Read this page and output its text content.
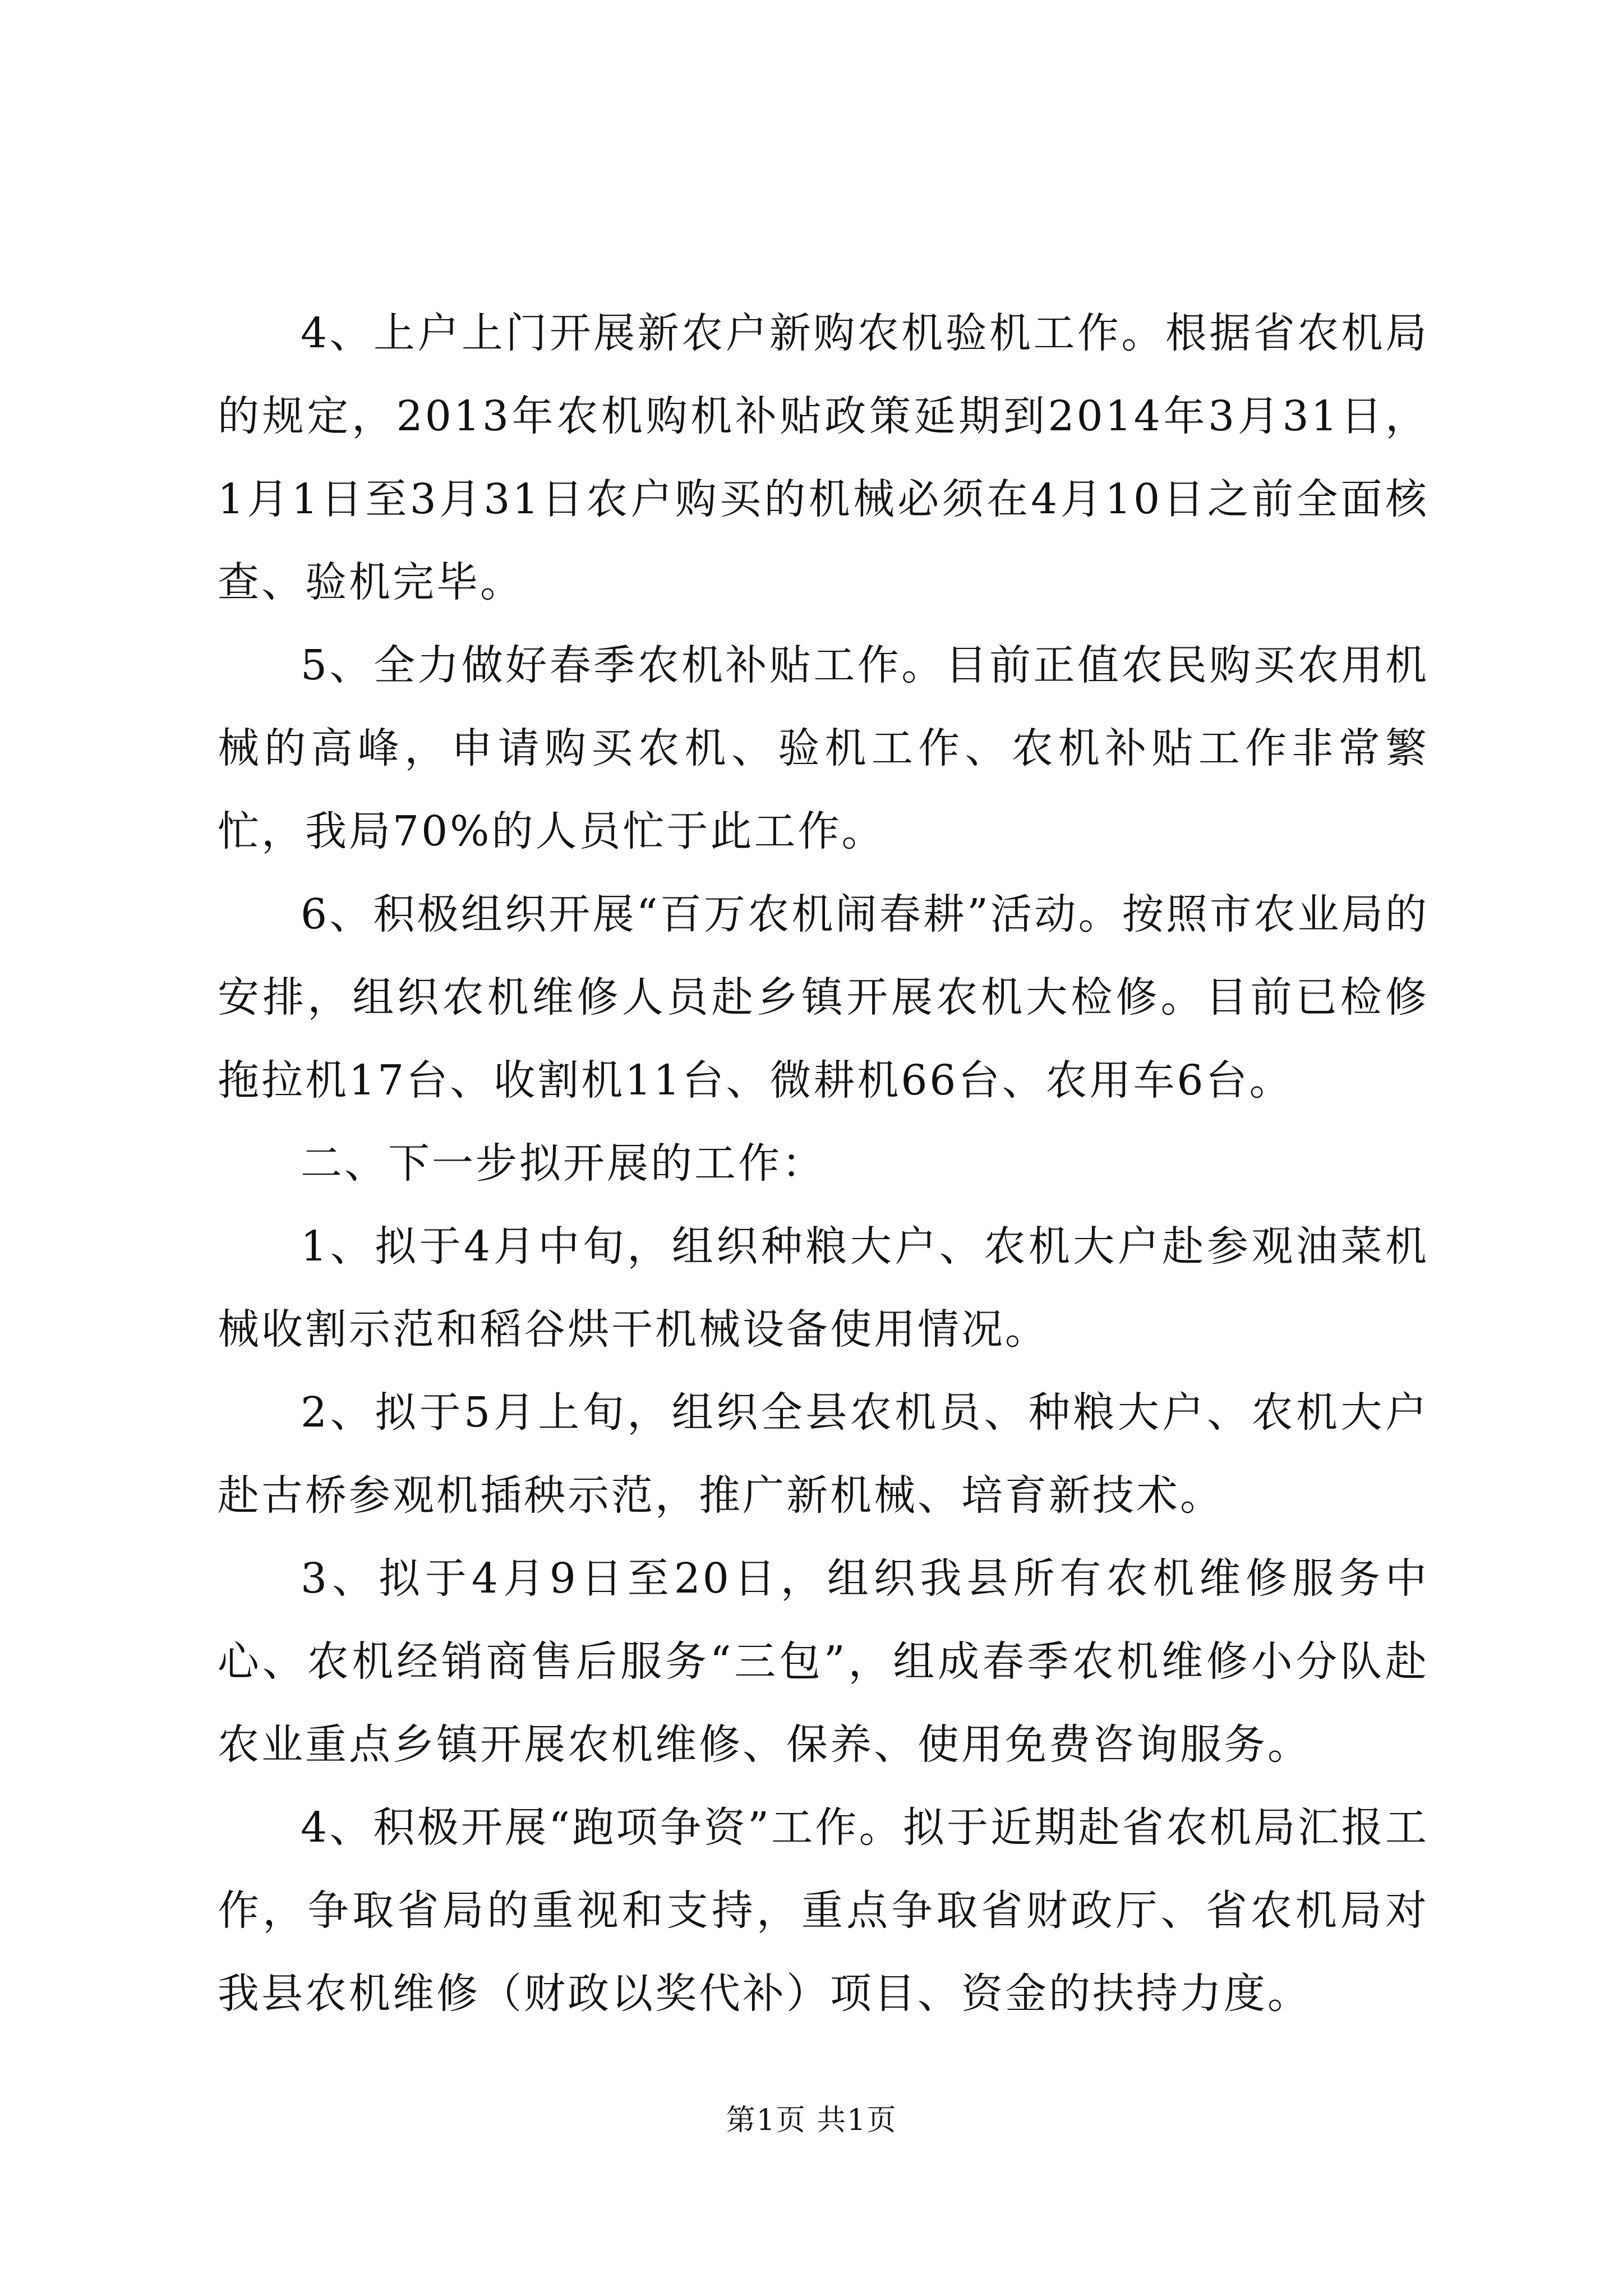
4、上户上门开展新农户新购农机验机工作。根据省农机局的规定，2013年农机购机补贴政策延期到2014年3月31日，1月1日至3月31日农户购买的机械必须在4月10日之前全面核查、验机完毕。

5、全力做好春季农机补贴工作。目前正值农民购买农用机械的高峰，申请购买农机、验机工作、农机补贴工作非常繁忙，我局70%的人员忙于此工作。

6、积极组织开展“百万农机闹春耕”活动。按照市农业局的安排，组织农机维修人员赴乡镇开展农机大检修。目前已检修拖拉机17台、收割机11台、微耕机66台、农用车6台。

二、下一步拟开展的工作：

1、拟于4月中旬，组织种粮大户、农机大户赴参观油菜机械收割示范和稻谷烘干机械设备使用情况。

2、拟于5月上旬，组织全县农机员、种粮大户、农机大户赴古桥参观机插秧示范，推广新机械、培育新技术。

3、拟于4月9日至20日，组织我县所有农机维修服务中心、农机经销商售后服务“三包”，组成春季农机维修小分队赴农业重点乡镇开展农机维修、保养、使用免费咨询服务。

4、积极开展“跑项争资”工作。拟于近期赴省农机局汇报工作，争取省局的重视和支持，重点争取省财政厅、省农机局对我县农机维修（财政以奖代补）项目、资金的扶持力度。

第1页 共1页
